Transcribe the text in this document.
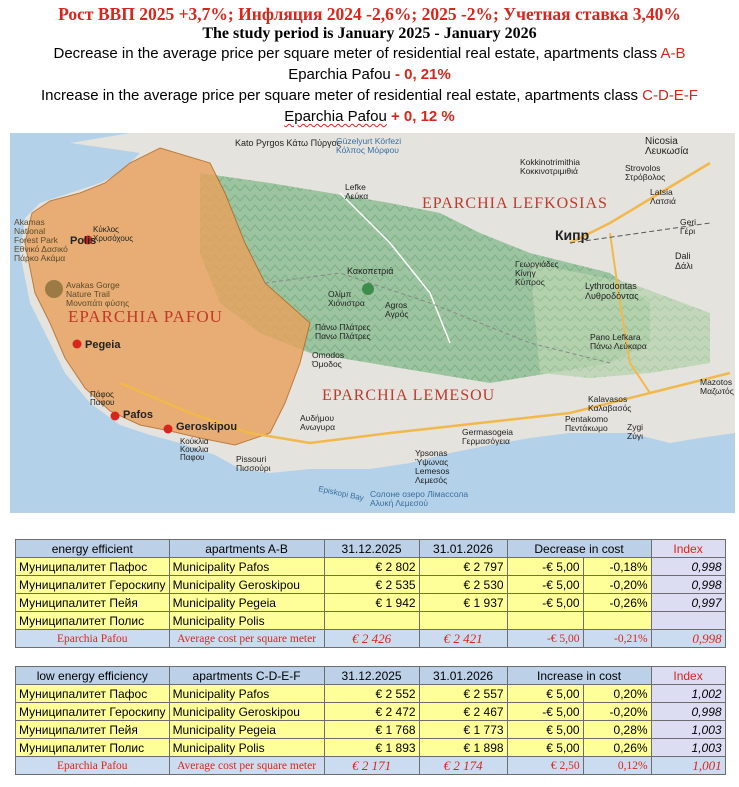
Рост ВВП 2025 +3,7%; Инфляция 2024 -2,6%; 2025 -2%; Учетная ставка 3,40%
The study period is January 2025 - January 2026
Decrease in the average price per square meter of residential real estate, apartments class A-B
Eparchia Pafou - 0, 21%
Increase in the average price per square meter of residential real estate, apartments class C-D-E-F
Eparchia Pafou + 0, 12 %
Kato Pyrgos Κάτω Πύργος
Güzelyurt Körfezi
Κόλπος Μόρφου
Nicosia
Λευκωσία
Kokkinotrimithia
Κοκκινοτριμιθιά	Strovolos
Στρόβολος
Latsia
Λατσιά
Lefke
Λεύκα
Geri
Γέρι
Κακοπετριά
Ολίμπ
Χιόνιστρα Agros
Αγρός
Γεωργιάδες
Κίνηγ
Κύπρος	Lythrodontas
Λυθροδόντας
Dali
Δάλι
Πάνω Πλάτρες
Πανω Πλάτρες
Omodos
Όμοδος
Pano Lefkara
Πάνω Λεύκαρα
Mazotos
Μαζωτός
Kalavasos
Καλαβασός
Pentakomo
Πεντάκωμο Zygi
Ζύγι
Αυδήμου
Ανωγυρα
Pissouri
Πισσούρι
Germasogeia
Γερμασόγεια
Ypsonas
Ύψωνας
Lemesos
Λεμεσός
Episkopi Bay Солоне озеро Лімассола
Αλυκή Λεμεσού
Akamas
National
Forest Park
Εθνικό Δασικό
Πάρκο Ακάμα
Avakas Gorge
Nature Trail
Μονοπάτι φύσης
Κύκλος
Χρυσόχους
Κούκλια
Κουκλια
Παφου
Πάφος
Παφου
Polis
Pegeia
Pafos
Geroskipou
EPARCHIA PAFOU
EPARCHIA LEFKOSIAS
EPARCHIA LEMESOU
Кипр
energy efficient	apartments A-B	31.12.2025	31.01.2026	Decrease in cost		Index
Муниципалитет Пафос	Municipality Pafos	€ 2 802	€ 2 797	-€ 5,00	-0,18%	0,998
Муниципалитет Героскипу	Municipality Geroskipou	€ 2 535	€ 2 530	-€ 5,00	-0,20%	0,998
Муниципалитет Пейя	Municipality Pegeia	€ 1 942	€ 1 937	-€ 5,00	-0,26%	0,997
Муниципалитет Полис	Municipality Polis					
Eparchia Pafou	Average cost per square meter	€ 2 426	€ 2 421	-€ 5,00	-0,21%	0,998
low energy efficiency	apartments C-D-E-F	31.12.2025	31.01.2026	Increase in cost		Index
Муниципалитет Пафос	Municipality Pafos	€ 2 552	€ 2 557	€ 5,00	0,20%	1,002
Муниципалитет Героскипу	Municipality Geroskipou	€ 2 472	€ 2 467	-€ 5,00	-0,20%	0,998
Муниципалитет Пейя	Municipality Pegeia	€ 1 768	€ 1 773	€ 5,00	0,28%	1,003
Муниципалитет Полис	Municipality Polis	€ 1 893	€ 1 898	€ 5,00	0,26%	1,003
Eparchia Pafou	Average cost per square meter	€ 2 171	€ 2 174	€ 2,50	0,12%	1,001
